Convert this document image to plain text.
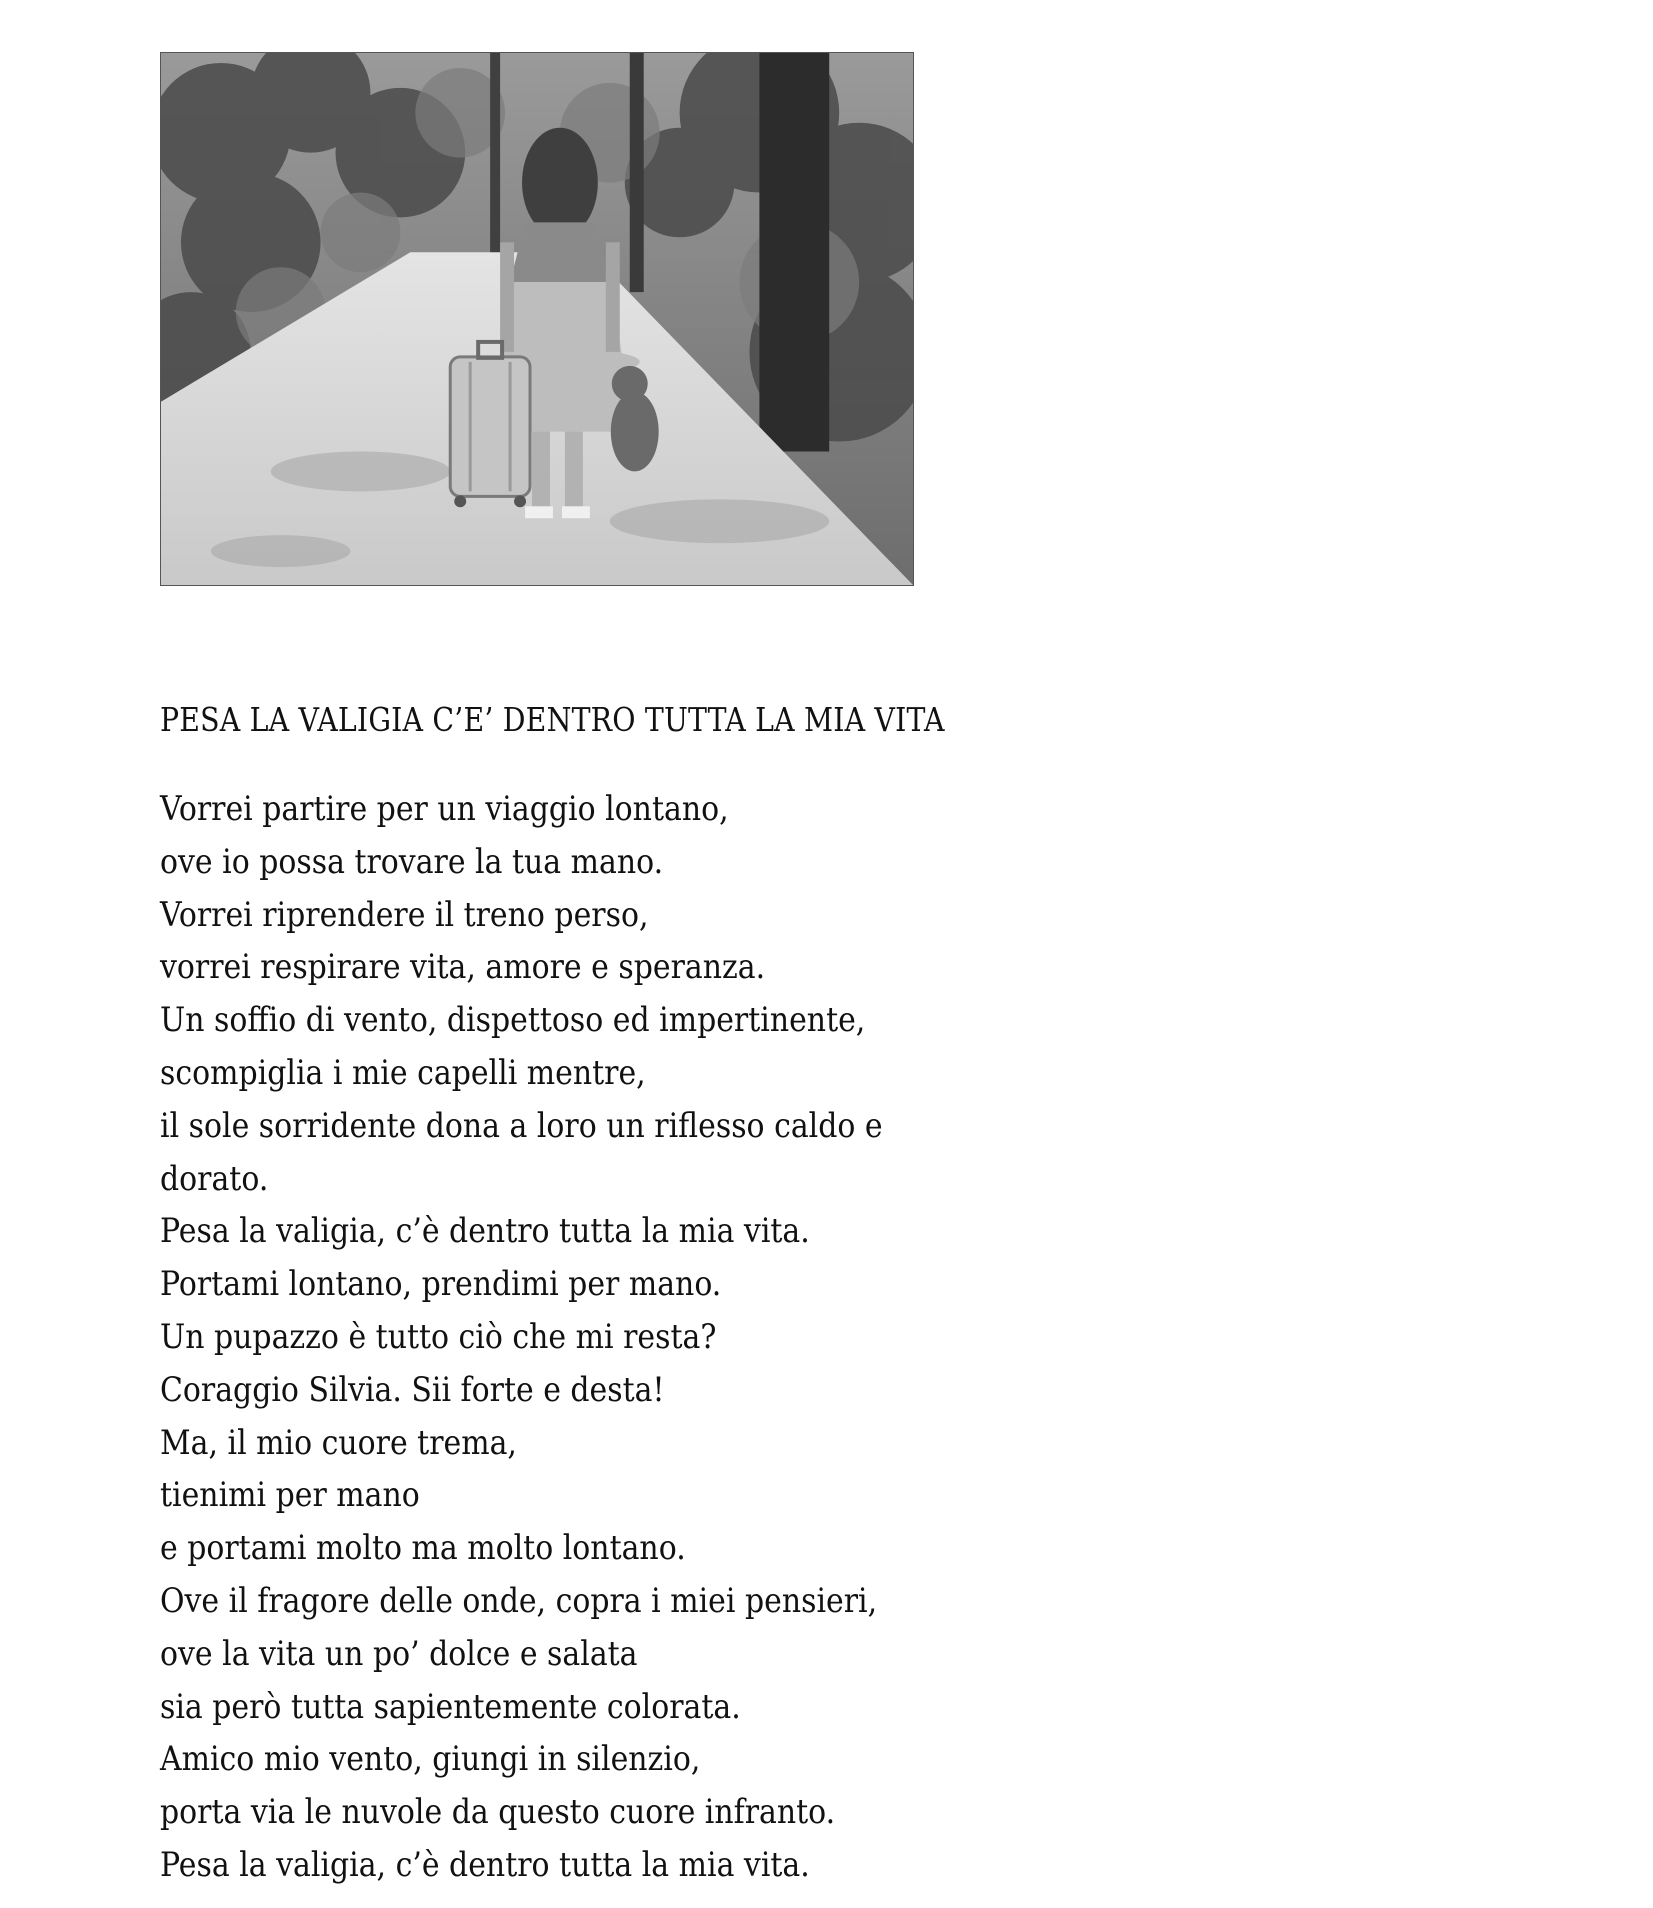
PESA LA VALIGIA C’E’ DENTRO TUTTA LA MIA VITA
Vorrei partire per un viaggio lontano,
ove io possa trovare la tua mano.
Vorrei riprendere il treno perso,
vorrei respirare vita, amore e speranza.
Un soffio di vento, dispettoso ed impertinente,
scompiglia i mie capelli mentre,
il sole sorridente dona a loro un riflesso caldo e
dorato.
Pesa la valigia, c’è dentro tutta la mia vita.
Portami lontano, prendimi per mano.
Un pupazzo è tutto ciò che mi resta?
Coraggio Silvia. Sii forte e desta!
Ma, il mio cuore trema,
tienimi per mano
e portami molto ma molto lontano.
Ove il fragore delle onde, copra i miei pensieri,
ove la vita un po’ dolce e salata
sia però tutta sapientemente colorata.
Amico mio vento, giungi in silenzio,
porta via le nuvole da questo cuore infranto.
Pesa la valigia, c’è dentro tutta la mia vita.
